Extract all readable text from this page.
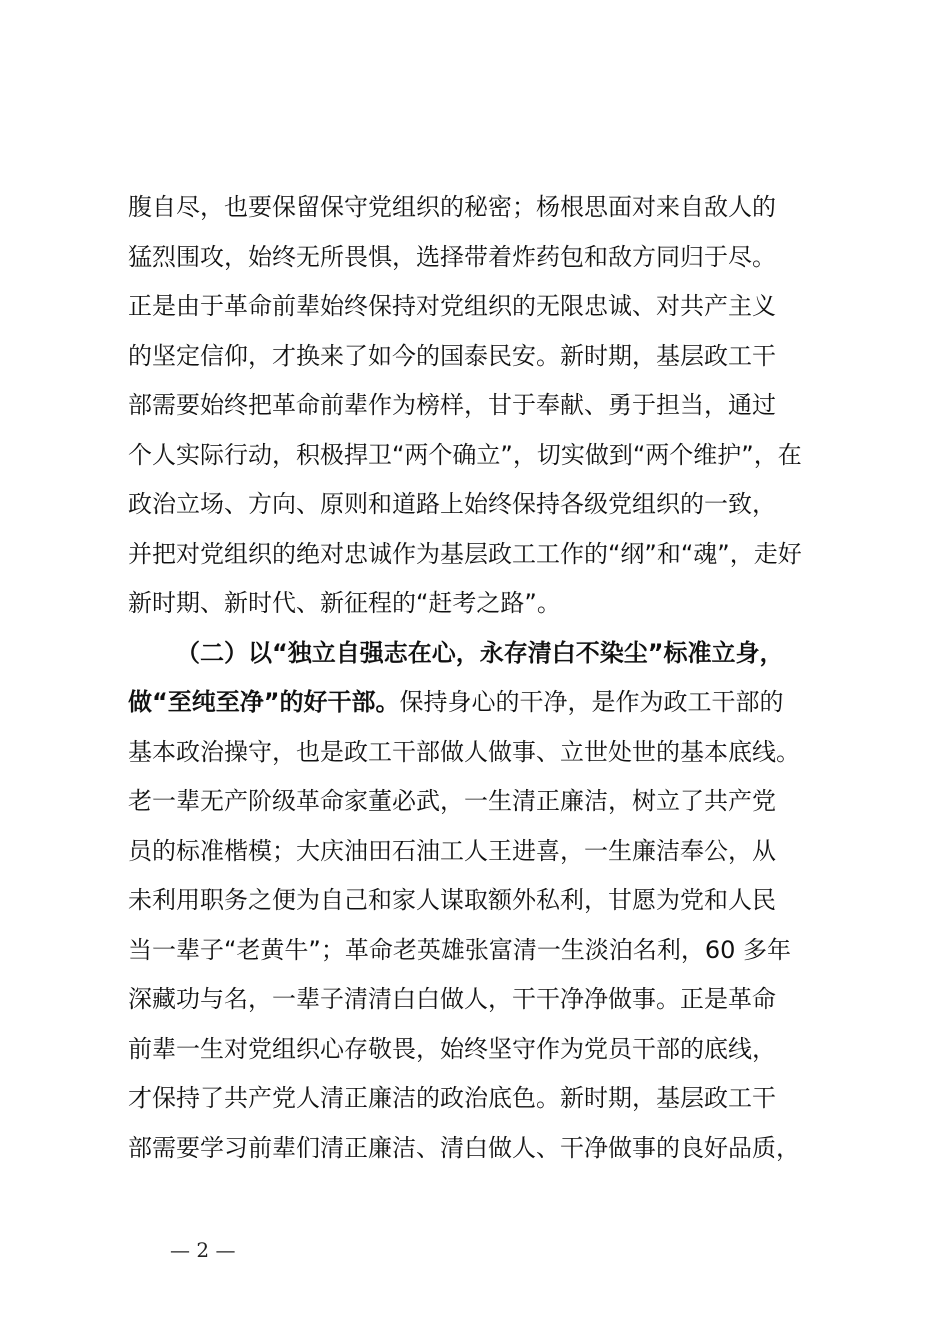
腹自尽，也要保留保守党组织的秘密；杨根思面对来自敌人的
猛烈围攻，始终无所畏惧，选择带着炸药包和敌方同归于尽。
正是由于革命前辈始终保持对党组织的无限忠诚、对共产主义
的坚定信仰，才换来了如今的国泰民安。新时期，基层政工干
部需要始终把革命前辈作为榜样，甘于奉献、勇于担当，通过
个人实际行动，积极捍卫“两个确立”，切实做到“两个维护”，在
政治立场、方向、原则和道路上始终保持各级党组织的一致，
并把对党组织的绝对忠诚作为基层政工工作的“纲”和“魂”，走好
新时期、新时代、新征程的“赶考之路”。
（二）以“独立自强志在心，永存清白不染尘”标准立身，
做“至纯至净”的好干部。保持身心的干净，是作为政工干部的
基本政治操守，也是政工干部做人做事、立世处世的基本底线。
老一辈无产阶级革命家董必武，一生清正廉洁，树立了共产党
员的标准楷模；大庆油田石油工人王进喜，一生廉洁奉公，从
未利用职务之便为自己和家人谋取额外私利，甘愿为党和人民
当一辈子“老黄牛”；革命老英雄张富清一生淡泊名利，60 多年
深藏功与名，一辈子清清白白做人，干干净净做事。正是革命
前辈一生对党组织心存敬畏，始终坚守作为党员干部的底线，
才保持了共产党人清正廉洁的政治底色。新时期，基层政工干
部需要学习前辈们清正廉洁、清白做人、干净做事的良好品质，
— 2 —
